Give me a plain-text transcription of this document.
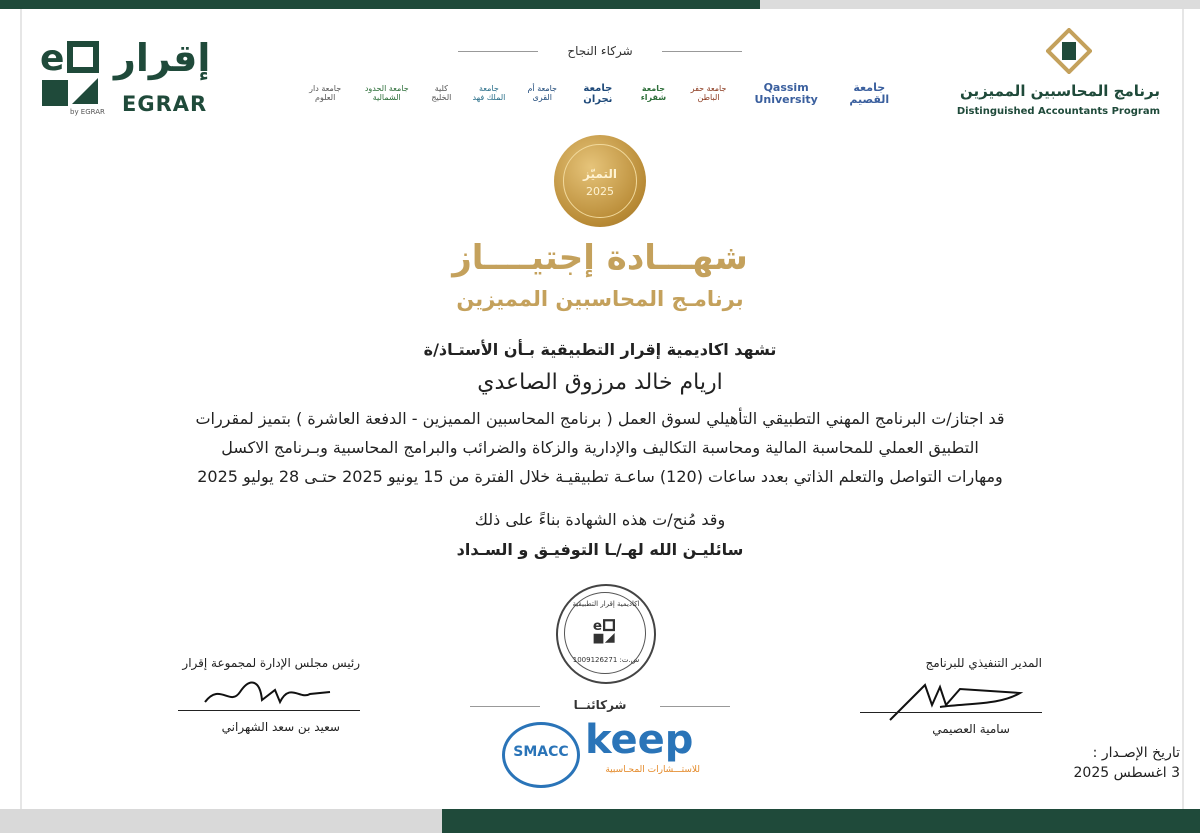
e إقرار
EGRAR
by EGRAR
برنامج المحاسبين المميزين
Distinguished Accountants Program
شركاء النجاح
جامعة القصيم
Qassim University
جامعة حفر الباطن
جامعة شقراء
جامعة نجران
جامعة أم القرى
جامعة الملك فهد
كلية الخليج
جامعة الحدود الشمالية
جامعة دار العلوم
التميّز
2025
شهـــادة إجتيــــاز
برنامـج المحاسبين المميزين
تشهد اكاديمية إقرار التطبيقية بـأن الأستـاذ/ة
اريام خالد مرزوق الصاعدي
قد اجتاز/ت البرنامج المهني التطبيقي التأهيلي لسوق العمل ( برنامج المحاسبين المميزين - الدفعة العاشرة ) بتميز لمقررات
التطبيق العملي للمحاسبة المالية ومحاسبة التكاليف والإدارية والزكاة والضرائب والبرامج المحاسبية وبـرنامج الاكسل
ومهارات التواصل والتعلم الذاتي بعدد ساعات (120) ساعـة تطبيقيـة خلال الفترة من 15 يونيو 2025 حتـى 28 يوليو 2025
وقد مُنح/ت هذه الشهادة بناءً على ذلك
سائليـن الله لهـ/ـا التوفيـق و السـداد
اكاديمية إقرار التطبيقية
e
س.ت: 1009126271
شركائنــا
SMACC keep
للاستـــشارات المحـاسبية
رئيس مجلس الإدارة لمجموعة إقرار
سعيد بن سعد الشهراني
المدير التنفيذي للبرنامج
سامية العصيمي
تاريخ الإصـدار :
3 اغسطس 2025
